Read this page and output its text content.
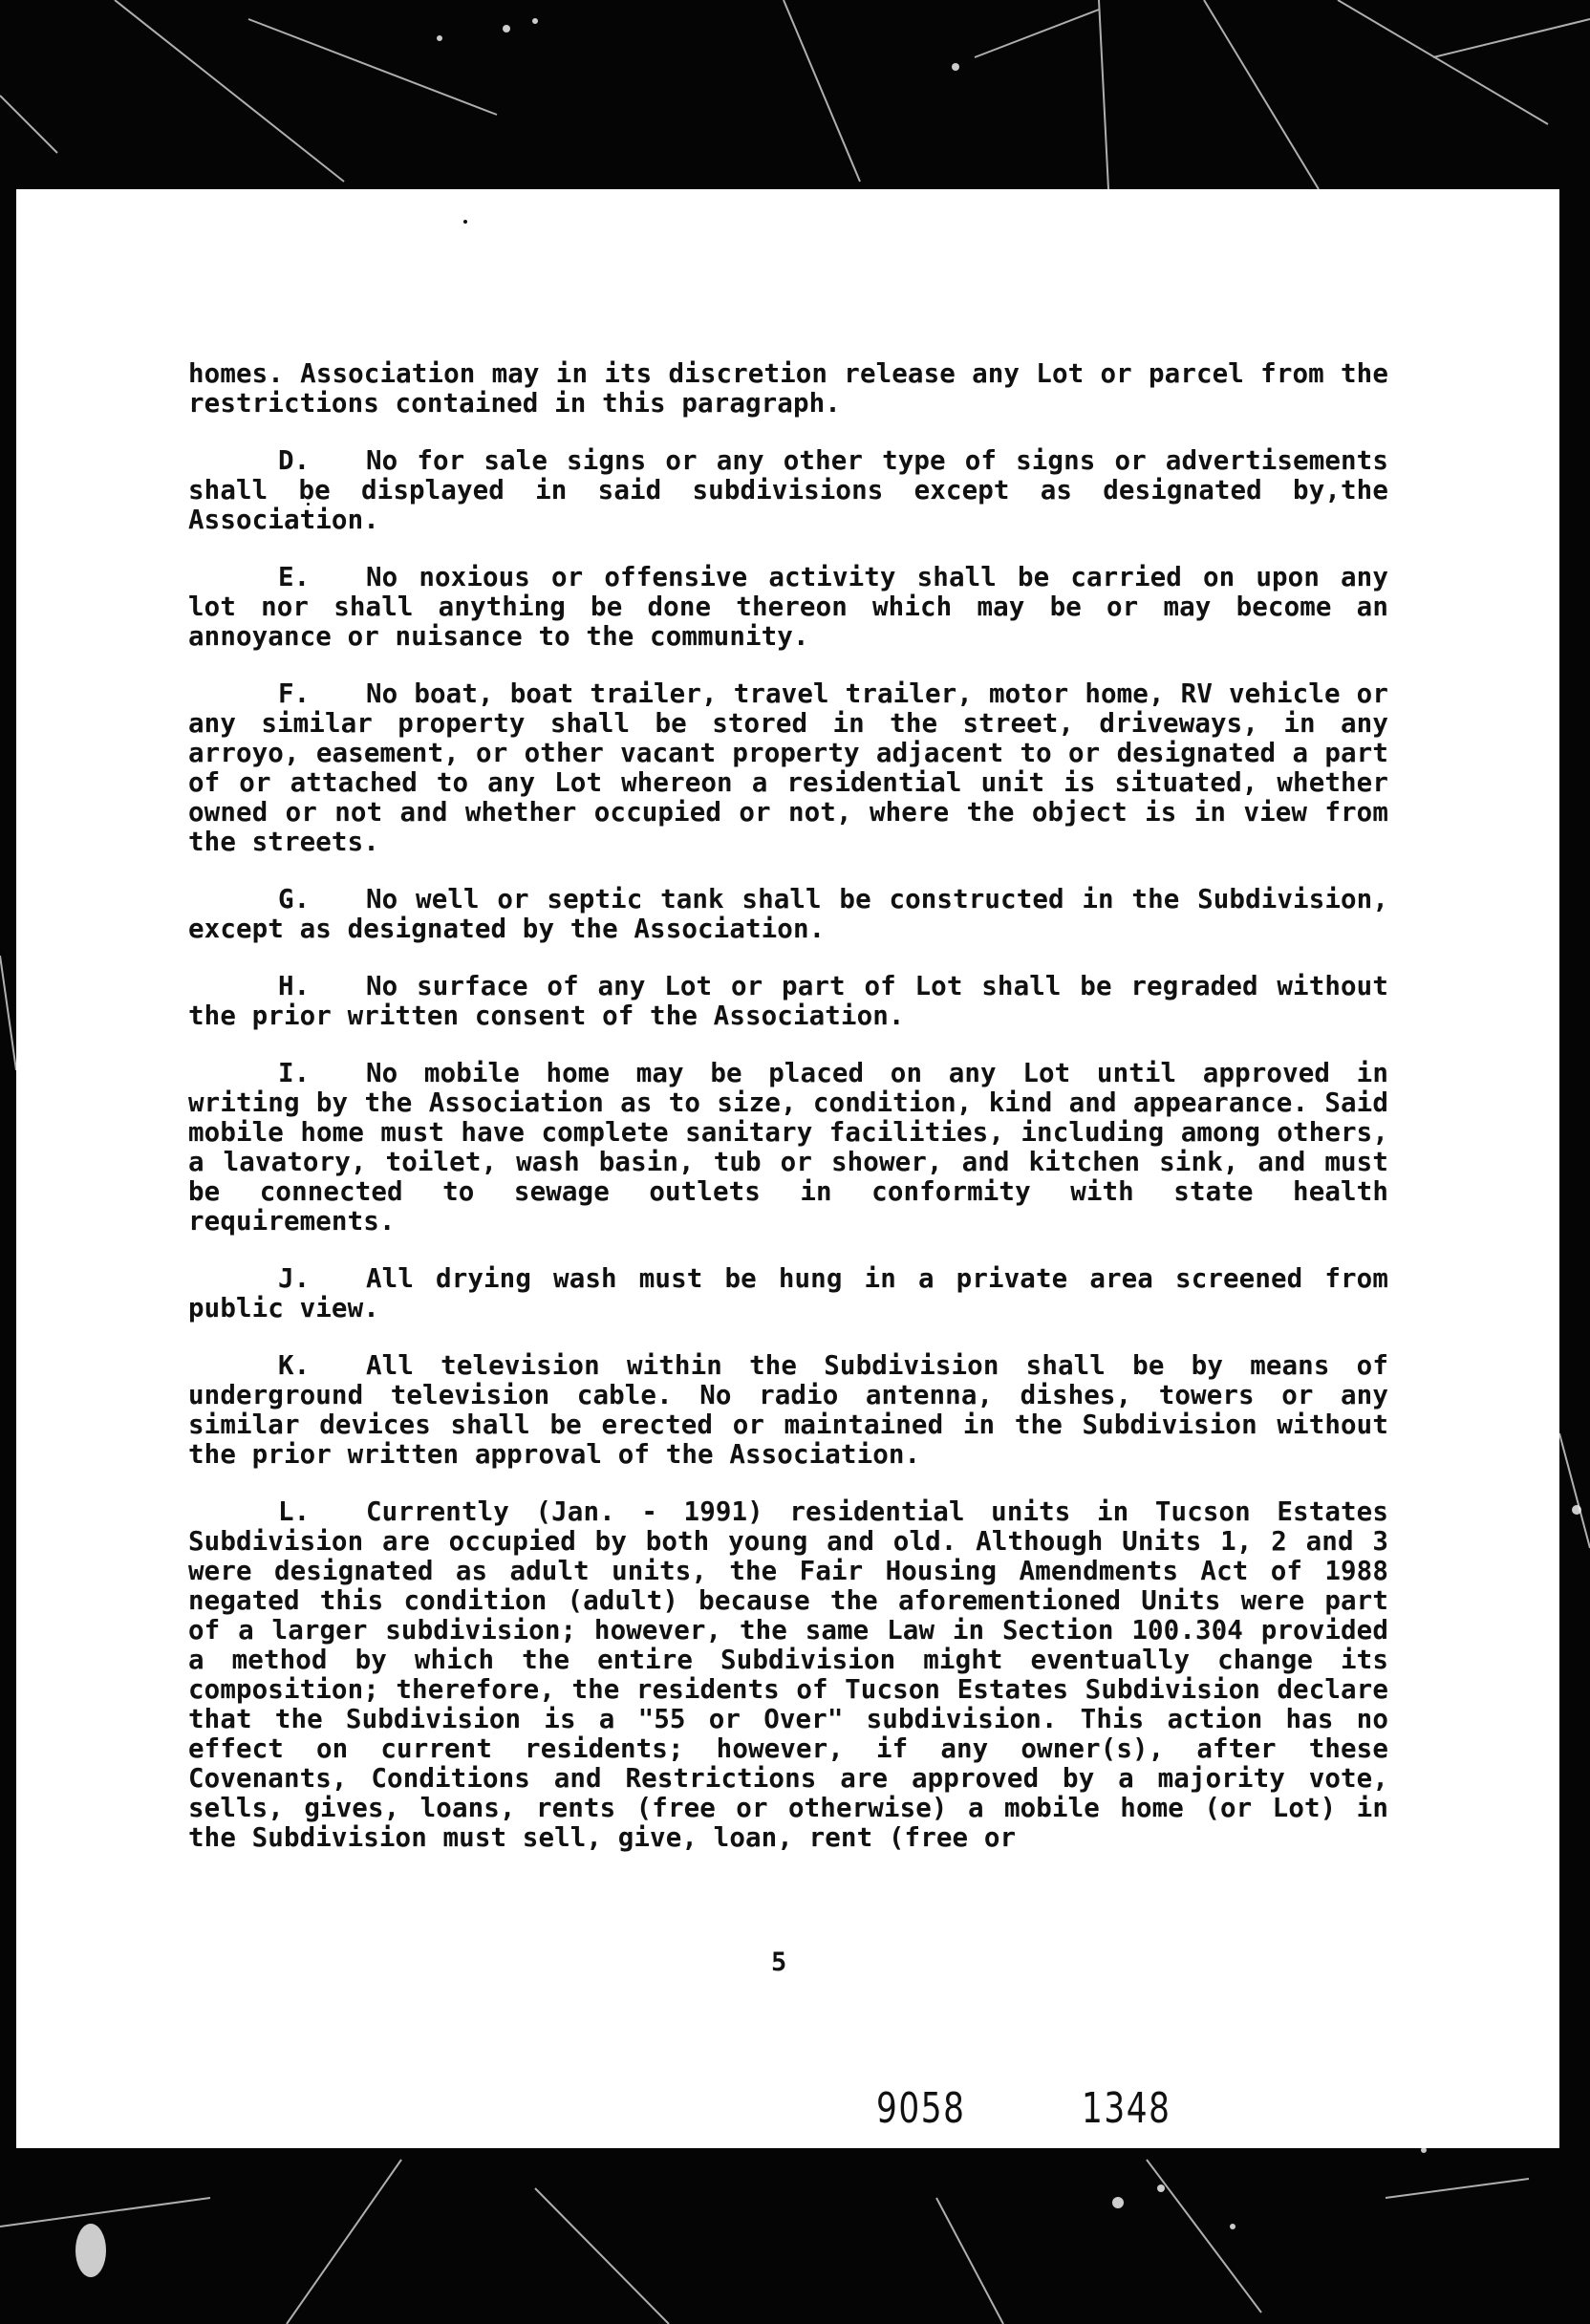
homes. Association may in its discretion release any Lot or parcel from the restrictions contained in this paragraph.

D. No for sale signs or any other type of signs or advertisements shall be displayed in said subdivisions except as designated by,the Association.

E. No noxious or offensive activity shall be carried on upon any lot nor shall anything be done thereon which may be or may become an annoyance or nuisance to the community.

F. No boat, boat trailer, travel trailer, motor home, RV vehicle or any similar property shall be stored in the street, driveways, in any arroyo, easement, or other vacant property adjacent to or designated a part of or attached to any Lot whereon a residential unit is situated, whether owned or not and whether occupied or not, where the object is in view from the streets.

G. No well or septic tank shall be constructed in the Subdivision, except as designated by the Association.

H. No surface of any Lot or part of Lot shall be regraded without the prior written consent of the Association.

I. No mobile home may be placed on any Lot until approved in writing by the Association as to size, condition, kind and appearance. Said mobile home must have complete sanitary facilities, including among others, a lavatory, toilet, wash basin, tub or shower, and kitchen sink, and must be connected to sewage outlets in conformity with state health requirements.

J. All drying wash must be hung in a private area screened from public view.

K. All television within the Subdivision shall be by means of underground television cable. No radio antenna, dishes, towers or any similar devices shall be erected or maintained in the Subdivision without the prior written approval of the Association.

L. Currently (Jan. - 1991) residential units in Tucson Estates Subdivision are occupied by both young and old. Although Units 1, 2 and 3 were designated as adult units, the Fair Housing Amendments Act of 1988 negated this condition (adult) because the aforementioned Units were part of a larger subdivision; however, the same Law in Section 100.304 provided a method by which the entire Subdivision might eventually change its composition; therefore, the residents of Tucson Estates Subdivision declare that the Subdivision is a "55 or Over" subdivision. This action has no effect on current residents; however, if any owner(s), after these Covenants, Conditions and Restrictions are approved by a majority vote, sells, gives, loans, rents (free or otherwise) a mobile home (or Lot) in the Subdivision must sell, give, loan, rent (free or

5
9058	1348
